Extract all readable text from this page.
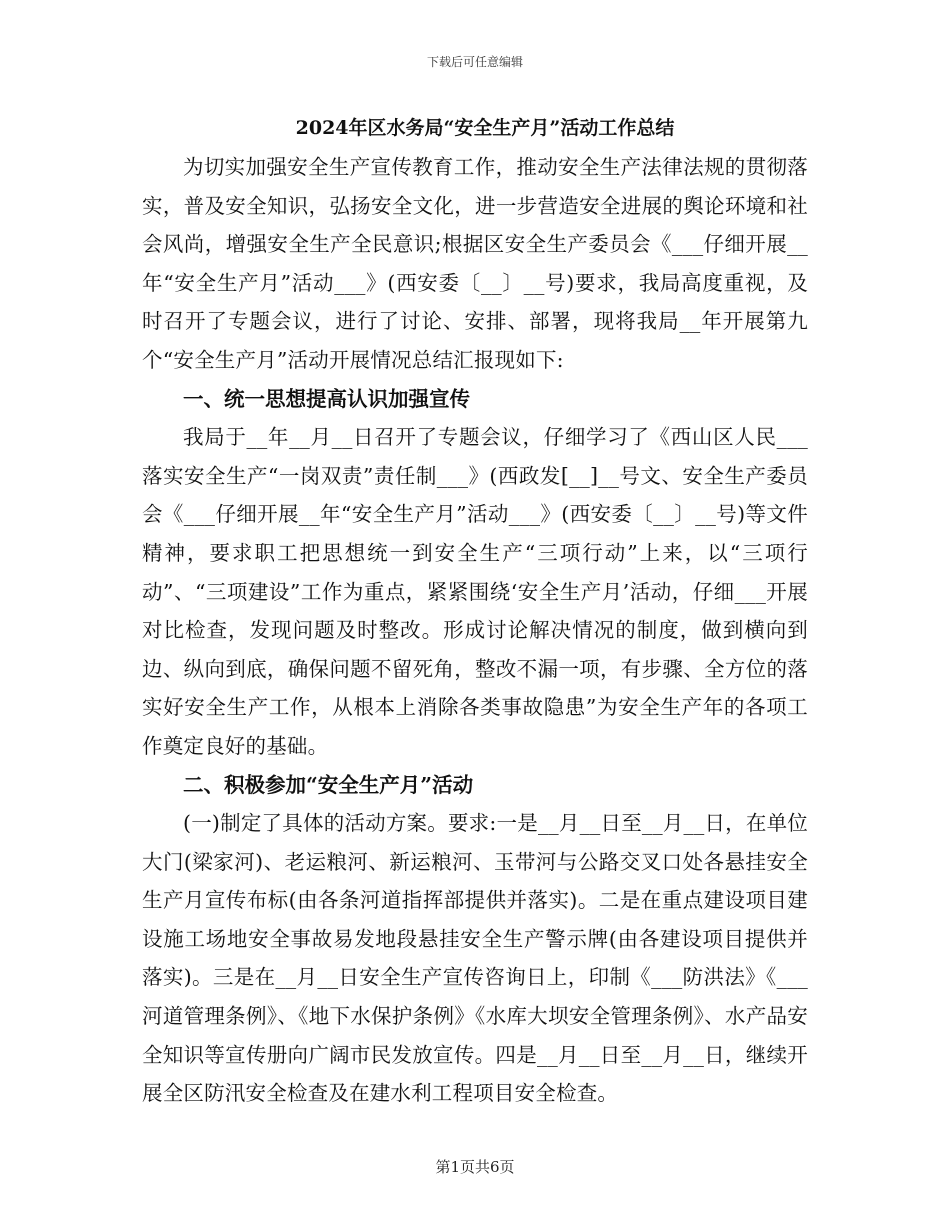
下载后可任意编辑
2024年区水务局“安全生产月”活动工作总结

为切实加强安全生产宣传教育工作，推动安全生产法律法规的贯彻落实，普及安全知识，弘扬安全文化，进一步营造安全进展的舆论环境和社会风尚，增强安全生产全民意识;根据区安全生产委员会《___仔细开展__年“安全生产月”活动___》(西安委〔__〕__号)要求，我局高度重视，及时召开了专题会议，进行了讨论、安排、部署，现将我局__年开展第九个“安全生产月”活动开展情况总结汇报现如下:

一、统一思想提高认识加强宣传

我局于__年__月__日召开了专题会议，仔细学习了《西山区人民___落实安全生产“一岗双责”责任制___》(西政发[__]__号文、安全生产委员会《___仔细开展__年“安全生产月”活动___》(西安委〔__〕__号)等文件精神，要求职工把思想统一到安全生产“三项行动”上来，以“三项行动”、“三项建设”工作为重点，紧紧围绕‘安全生产月’活动，仔细___开展对比检查，发现问题及时整改。形成讨论解决情况的制度，做到横向到边、纵向到底，确保问题不留死角，整改不漏一项，有步骤、全方位的落实好安全生产工作，从根本上消除各类事故隐患”为安全生产年的各项工作奠定良好的基础。

二、积极参加“安全生产月”活动

(一)制定了具体的活动方案。要求:一是__月__日至__月__日，在单位大门(梁家河)、老运粮河、新运粮河、玉带河与公路交叉口处各悬挂安全生产月宣传布标(由各条河道指挥部提供并落实)。二是在重点建设项目建设施工场地安全事故易发地段悬挂安全生产警示牌(由各建设项目提供并落实)。三是在__月__日安全生产宣传咨询日上，印制《___防洪法》《___河道管理条例》、《地下水保护条例》《水库大坝安全管理条例》、水产品安全知识等宣传册向广阔市民发放宣传。四是__月__日至__月__日，继续开展全区防汛安全检查及在建水利工程项目安全检查。

第1页共6页
